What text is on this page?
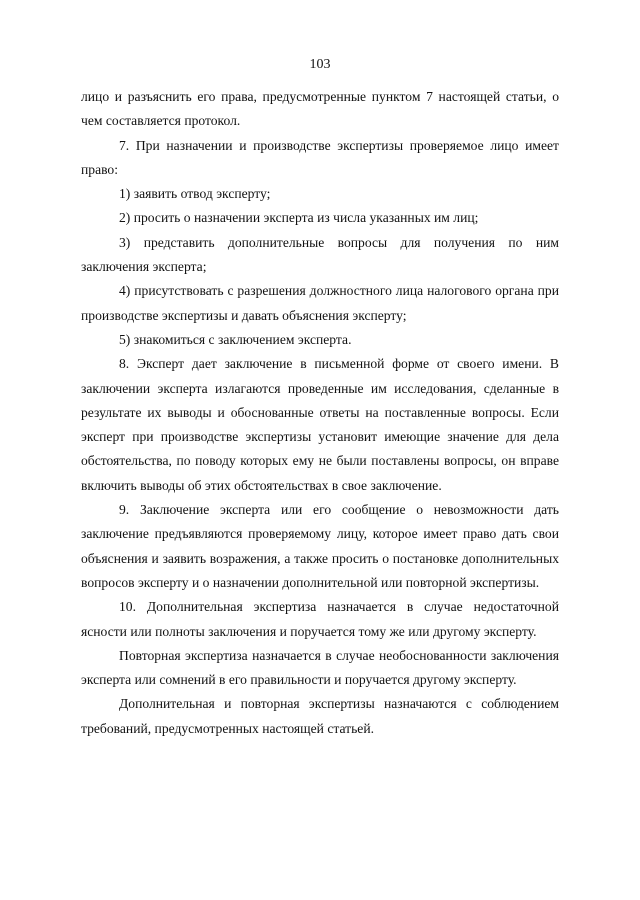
103

лицо и разъяснить его права, предусмотренные пунктом 7 настоящей статьи, о чем составляется протокол.

7. При назначении и производстве экспертизы проверяемое лицо имеет право:

1) заявить отвод эксперту;

2) просить о назначении эксперта из числа указанных им лиц;

3) представить дополнительные вопросы для получения по ним заключения эксперта;

4) присутствовать с разрешения должностного лица налогового органа при производстве экспертизы и давать объяснения эксперту;

5) знакомиться с заключением эксперта.

8. Эксперт дает заключение в письменной форме от своего имени. В заключении эксперта излагаются проведенные им исследования, сделанные в результате их выводы и обоснованные ответы на поставленные вопросы. Если эксперт при производстве экспертизы установит имеющие значение для дела обстоятельства, по поводу которых ему не были поставлены вопросы, он вправе включить выводы об этих обстоятельствах в свое заключение.

9. Заключение эксперта или его сообщение о невозможности дать заключение предъявляются проверяемому лицу, которое имеет право дать свои объяснения и заявить возражения, а также просить о постановке дополнительных вопросов эксперту и о назначении дополнительной или повторной экспертизы.

10. Дополнительная экспертиза назначается в случае недостаточной ясности или полноты заключения и поручается тому же или другому эксперту.

Повторная экспертиза назначается в случае необоснованности заключения эксперта или сомнений в его правильности и поручается другому эксперту.

Дополнительная и повторная экспертизы назначаются с соблюдением требований, предусмотренных настоящей статьей.
